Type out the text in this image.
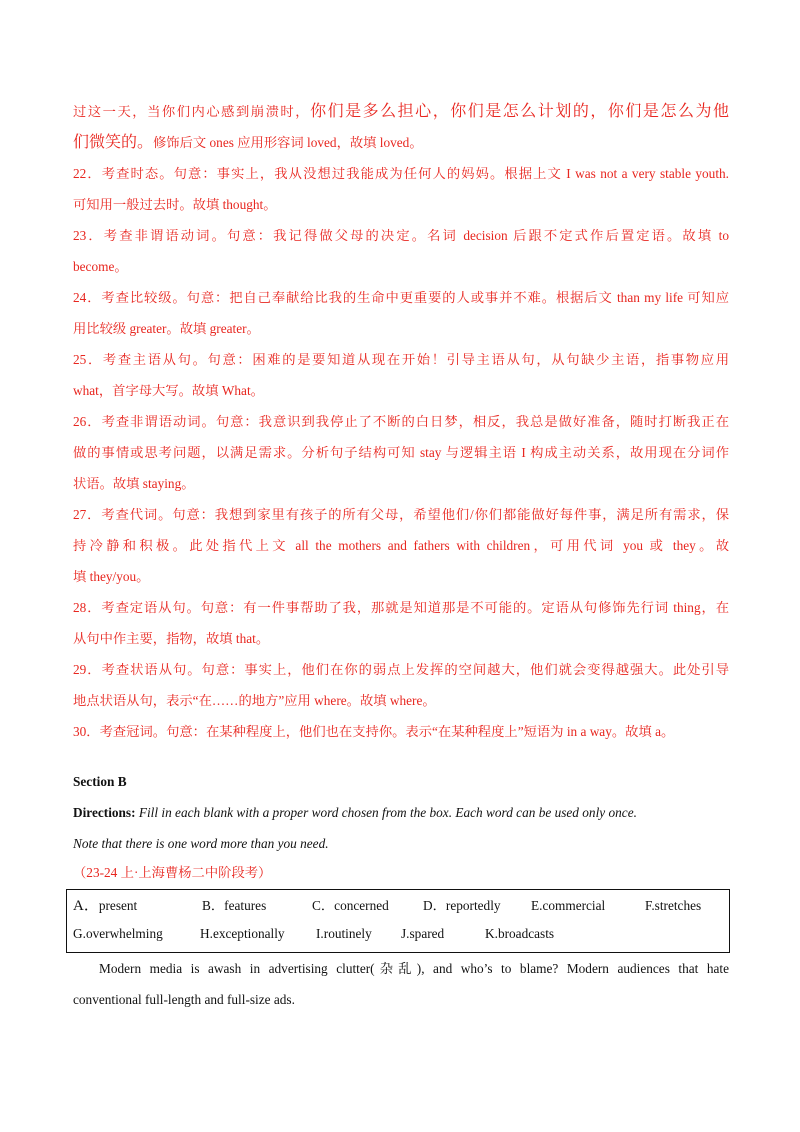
过这一天，当你们内心感到崩溃时，你们是多么担心，你们是怎么计划的，你们是怎么为他
们微笑的。修饰后文 ones 应用形容词 loved，故填 loved。
22．考查时态。句意：事实上，我从没想过我能成为任何人的妈妈。根据上文 I was not a very stable youth.
可知用一般过去时。故填 thought。
23．考查非谓语动词。句意：我记得做父母的决定。名词 decision 后跟不定式作后置定语。故填 to
become。
24．考查比较级。句意：把自己奉献给比我的生命中更重要的人或事并不难。根据后文 than my life 可知应
用比较级 greater。故填 greater。
25．考查主语从句。句意：困难的是要知道从现在开始！引导主语从句，从句缺少主语，指事物应用
what，首字母大写。故填 What。
26．考查非谓语动词。句意：我意识到我停止了不断的白日梦，相反，我总是做好准备，随时打断我正在
做的事情或思考问题，以满足需求。分析句子结构可知 stay 与逻辑主语 I 构成主动关系，故用现在分词作
状语。故填 staying。
27．考查代词。句意：我想到家里有孩子的所有父母，希望他们/你们都能做好每件事，满足所有需求，保
持冷静和积极。此处指代上文 all the mothers and fathers with children，可用代词 you 或 they。故
填 they/you。
28．考查定语从句。句意：有一件事帮助了我，那就是知道那是不可能的。定语从句修饰先行词 thing，在
从句中作主要，指物，故填 that。
29．考查状语从句。句意：事实上，他们在你的弱点上发挥的空间越大，他们就会变得越强大。此处引导
地点状语从句，表示“在……的地方”应用 where。故填 where。
30．考查冠词。句意：在某种程度上，他们也在支持你。表示“在某种程度上”短语为 in a way。故填 a。
Section B
Directions: Fill in each blank with a proper word chosen from the box. Each word can be used only once.
Note that there is one word more than you need.
（23-24 上·上海曹杨二中阶段考）
A．present	B．features	C．concerned	D．reportedly E.commercial	F.stretches
G.overwhelming	H.exceptionally I.routinely J.spared	K.broadcasts
Modern media is awash in advertising clutter(杂乱), and who’s to blame? Modern audiences that hate
conventional full-length and full-size ads.
